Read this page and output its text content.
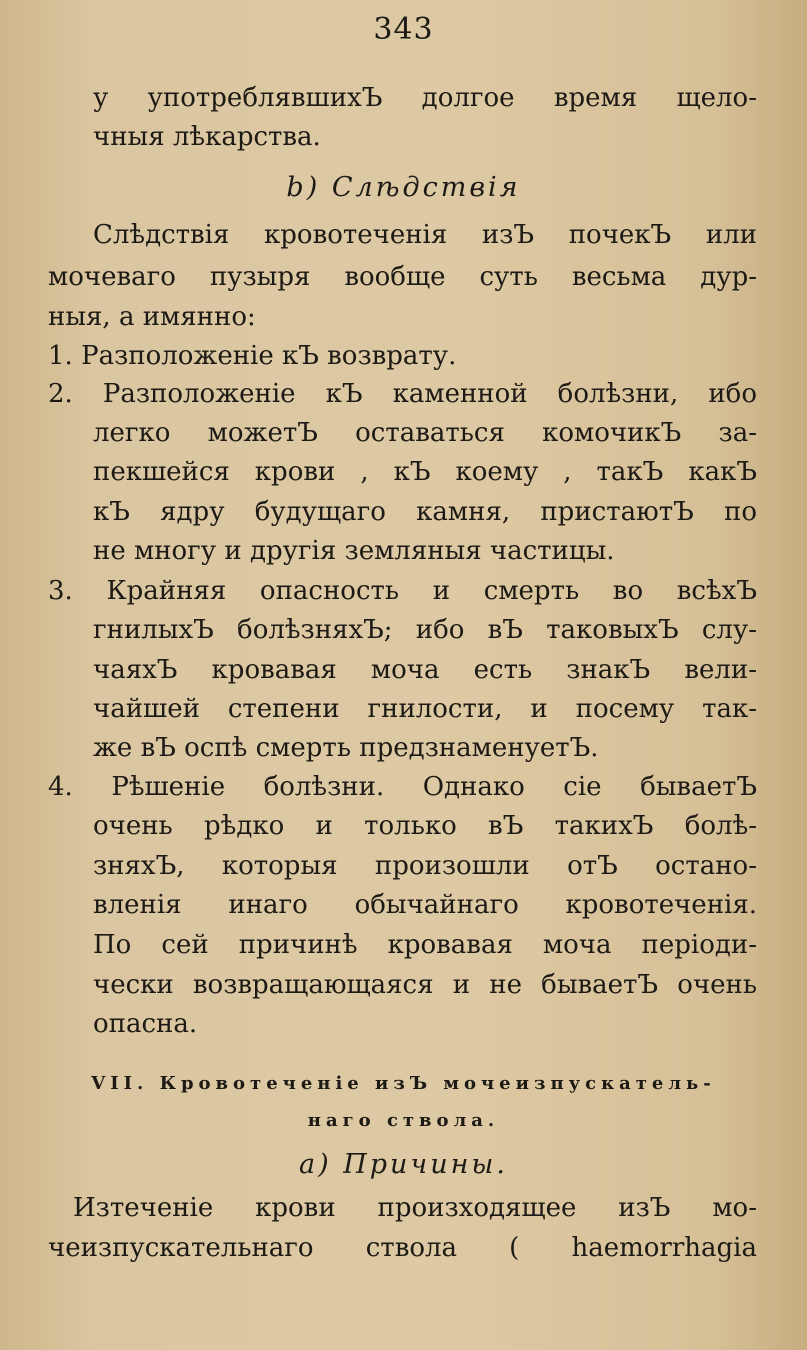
343
у употреблявшихЪ долгое время щело-
чныя лѣкарства.
b) Слѣдствія
Слѣдствія кровотеченія изЪ почекЪ или
мочеваго пузыря вообще суть весьма дур-
ныя, а имянно:
1. Разположеніе кЪ возврату.
2. Разположеніе кЪ каменной болѣзни, ибо
легко можетЪ оставаться комочикЪ за-
пекшейся крови , кЪ коему , такЪ какЪ
кЪ ядру будущаго камня, пристаютЪ по
не многу и другія земляныя частицы.
3. Крайняя опасность и смерть во всѣхЪ
гнилыхЪ болѣзняхЪ; ибо вЪ таковыхЪ слу-
чаяхЪ кровавая моча есть знакЪ вели-
чайшей степени гнилости, и посему так-
же вЪ оспѣ смерть предзнаменуетЪ.
4. Рѣшеніе болѣзни. Однако сіе бываетЪ
очень рѣдко и только вЪ такихЪ болѣ-
зняхЪ, которыя произошли отЪ остано-
вленія инаго обычайнаго кровотеченія.
По сей причинѣ кровавая моча періоди-
чески возвращающаяся и не бываетЪ очень
опасна.
VII. Кровотеченіе изЪ мочеизпускатель-
наго ствола.
a) Причины.
Изтеченіе крови произходящее изЪ мо-
чеизпускательнаго ствола ( haemorrhagia
